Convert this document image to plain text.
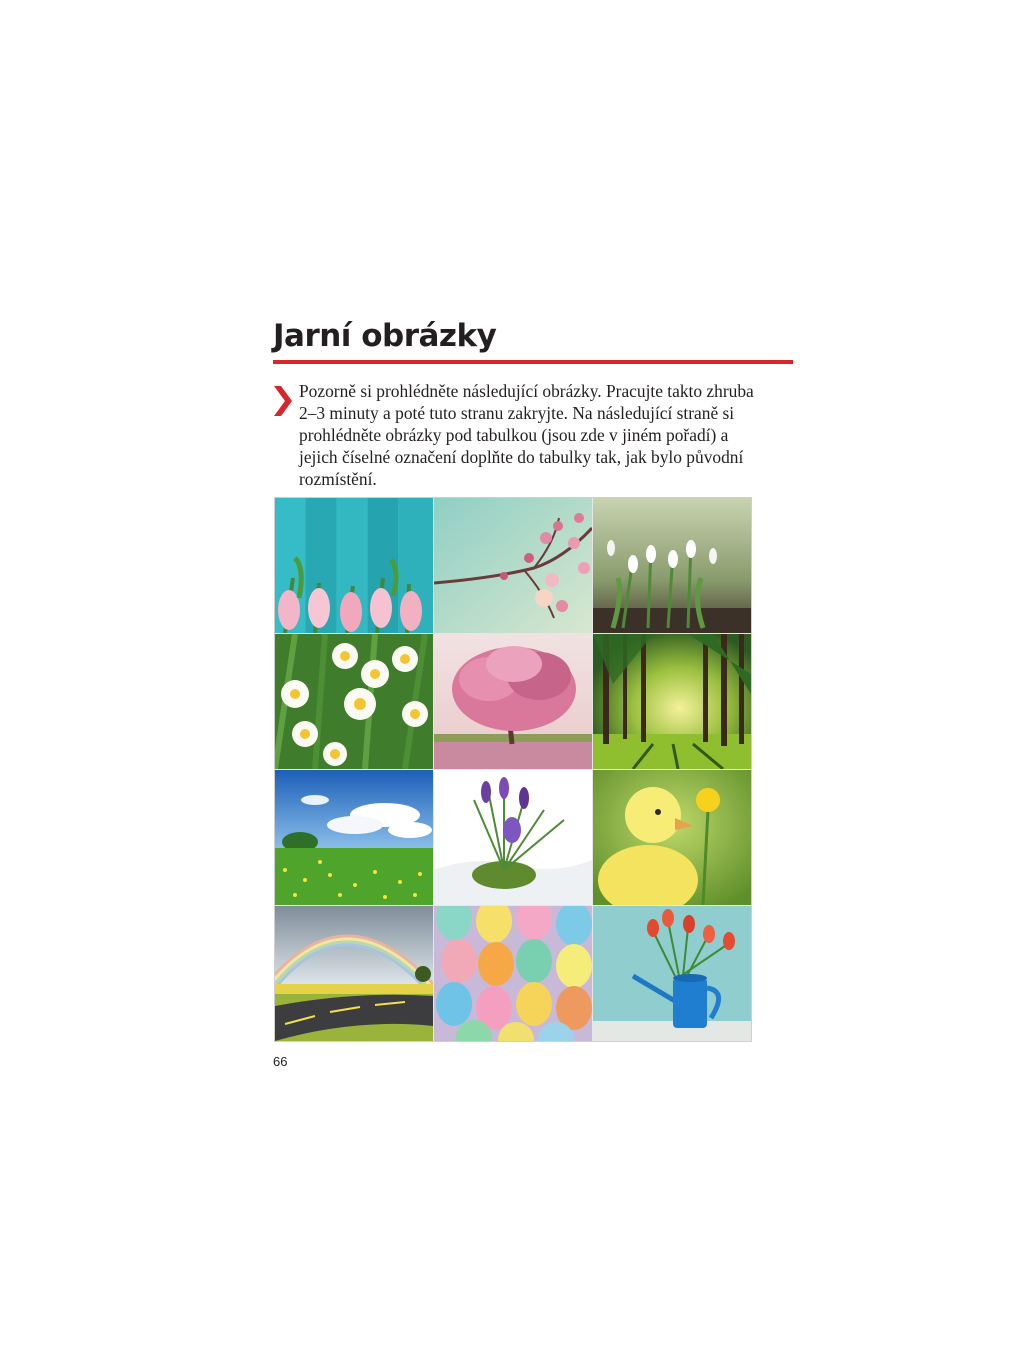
Jarní obrázky

Pozorně si prohlédněte následující obrázky. Pracujte takto zhruba 2–3 minuty a poté tuto stranu zakryjte. Na následující straně si prohlédněte obrázky pod tabulkou (jsou zde v jiném pořadí) a jejich číselné označení doplňte do tabulky tak, jak bylo původní rozmístění.

66
